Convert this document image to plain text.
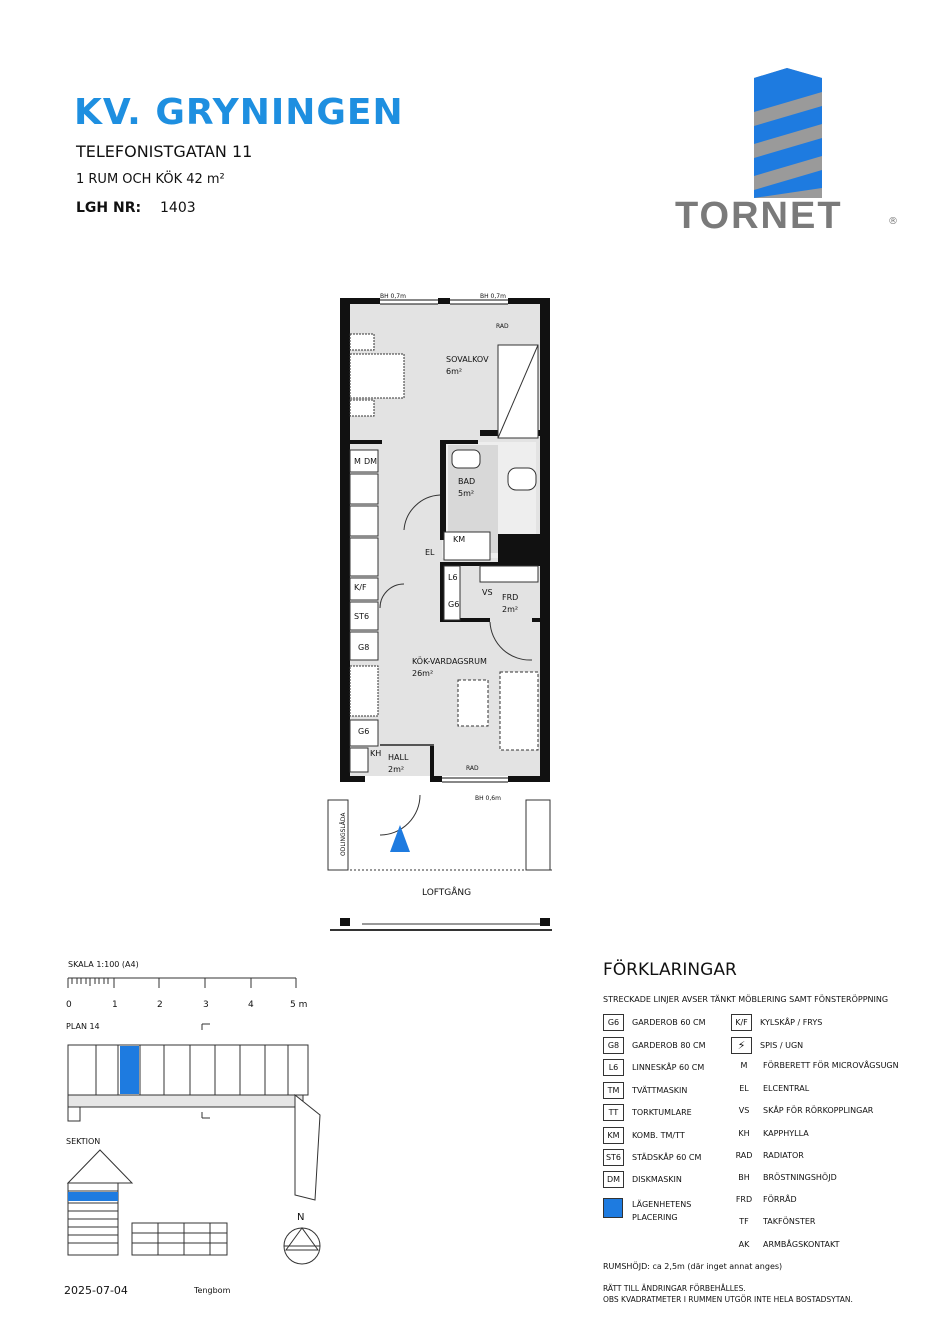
KV. GRYNINGEN
TELEFONISTGATAN 11
1 RUM OCH KÖK 42 m²
LGH NR: 1403	TORNET	®
SOVALKOV
6m²
BAD
5m²
FRD
2m²
KÖK-VARDAGSRUM
26m²
HALL
2m²
M DM
K/F
ST6
G8
G6
L6
G6
VS
EL
KM
KH
BH 0,7m	BH 0,7m
BH 0,6m
RAD
RAD
ODLINGSLÅDA
LOFTGÅNG
SKALA 1:100 (A4)
0	1	2	3	4	5 m
PLAN 14
SEKTION
N
2025-07-04	Tengbom
FÖRKLARINGAR
STRECKADE LINJER AVSER TÄNKT MÖBLERING SAMT FÖNSTERÖPPNING
G6	GARDEROB 60 CM
G8	GARDEROB 80 CM
L6	LINNESKÅP 60 CM
TM	TVÄTTMASKIN
TT	TORKTUMLARE
KM	KOMB. TM/TT
ST6	STÄDSKÅP 60 CM
DM	DISKMASKIN
LÄGENHETENS
PLACERING
K/F	KYLSKÅP / FRYS
⚡	SPIS / UGN
M	FÖRBERETT FÖR MICROVÅGSUGN
EL	ELCENTRAL
VS	SKÅP FÖR RÖRKOPPLINGAR
KH	KAPPHYLLA
RAD	RADIATOR
BH	BRÖSTNINGSHÖJD
FRD	FÖRRÅD
TF	TAKFÖNSTER
AK	ARMBÅGSKONTAKT
RUMSHÖJD: ca 2,5m (där inget annat anges)
RÄTT TILL ÄNDRINGAR FÖRBEHÅLLES.
OBS KVADRATMETER I RUMMEN UTGÖR INTE HELA BOSTADSYTAN.
